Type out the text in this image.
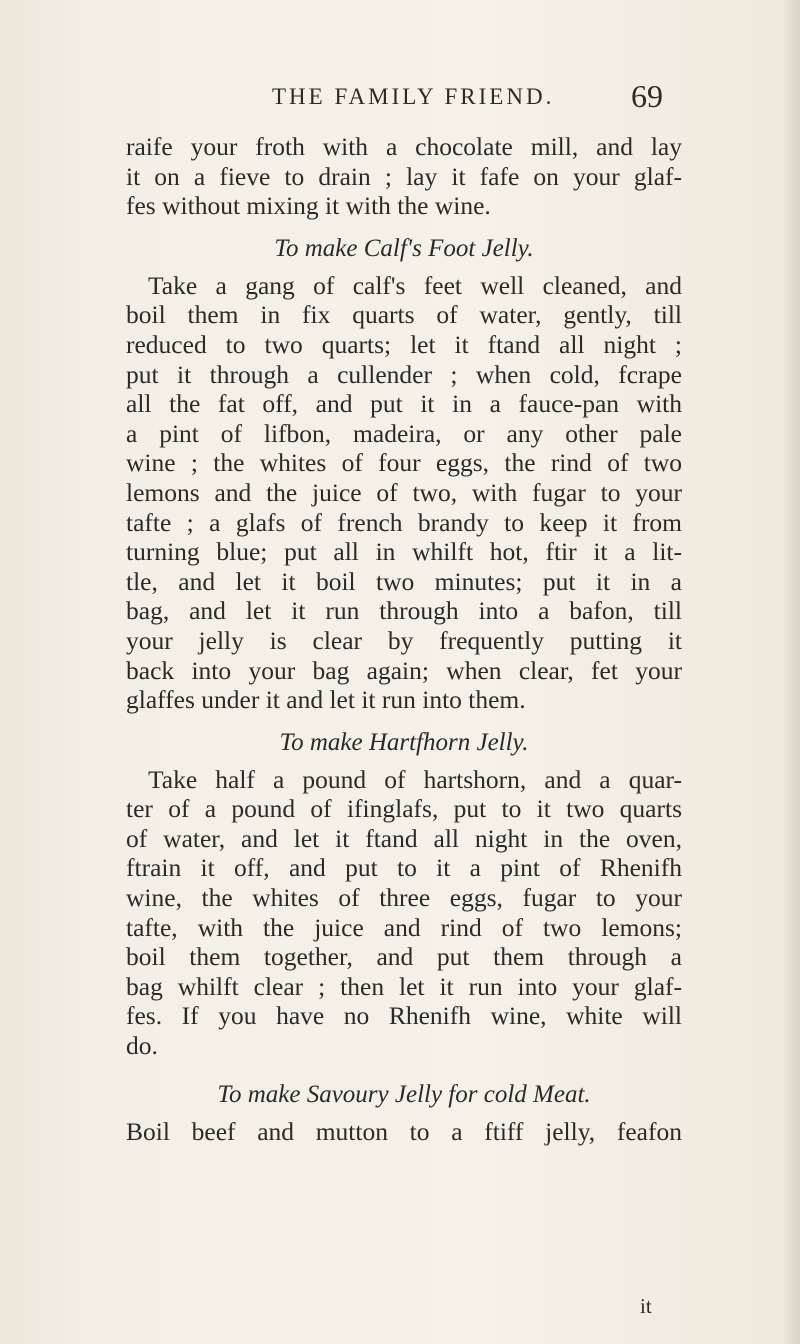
THE FAMILY FRIEND. 69
raife your froth with a chocolate mill, and lay
it on a fieve to drain ; lay it fafe on your glaf-
fes without mixing it with the wine.
To make Calf's Foot Jelly.
Take a gang of calf's feet well cleaned, and
boil them in fix quarts of water, gently, till
reduced to two quarts; let it ftand all night ;
put it through a cullender ; when cold, fcrape
all the fat off, and put it in a fauce-pan with
a pint of lifbon, madeira, or any other pale
wine ; the whites of four eggs, the rind of two
lemons and the juice of two, with fugar to your
tafte ; a glafs of french brandy to keep it from
turning blue; put all in whilft hot, ftir it a lit-
tle, and let it boil two minutes; put it in a
bag, and let it run through into a bafon, till
your jelly is clear by frequently putting it
back into your bag again; when clear, fet your
glaffes under it and let it run into them.
To make Hartfhorn Jelly.
Take half a pound of hartshorn, and a quar-
ter of a pound of ifinglafs, put to it two quarts
of water, and let it ftand all night in the oven,
ftrain it off, and put to it a pint of Rhenifh
wine, the whites of three eggs, fugar to your
tafte, with the juice and rind of two lemons;
boil them together, and put them through a
bag whilft clear ; then let it run into your glaf-
fes. If you have no Rhenifh wine, white will
do.
To make Savoury Jelly for cold Meat.
Boil beef and mutton to a ftiff jelly, feafon
it
